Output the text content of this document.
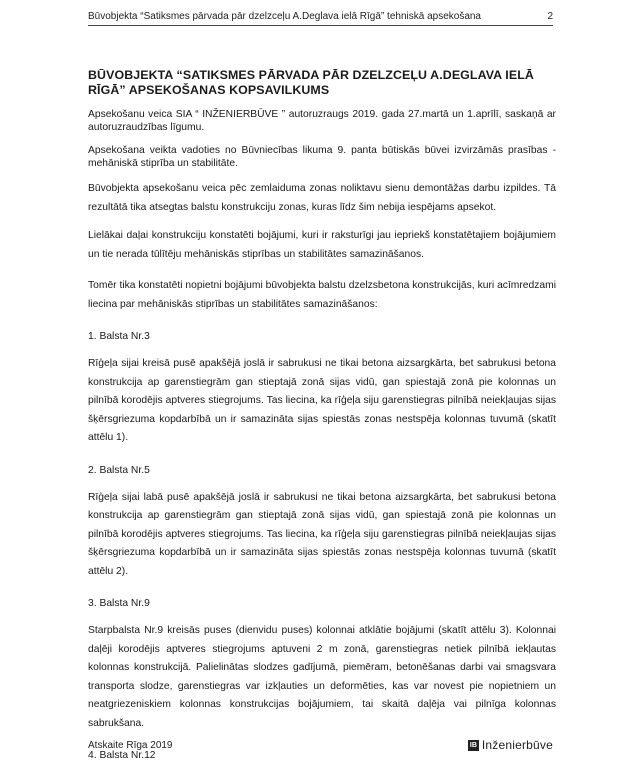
Būvobjekta “Satiksmes pārvada pār dzelzceļu A.Deglava ielā Rīgā” tehniskā apsekošana	2
BŪVOBJEKTA “SATIKSMES PĀRVADA PĀR DZELZCEĻU A.DEGLAVA IELĀ RĪGĀ” APSEKOŠANAS KOPSAVILKUMS

Apsekošanu veica SIA “ INŽENIERBŪVE ” autoruzraugs 2019. gada 27.martā un 1.aprīlī, saskaņā ar autoruzraudzības līgumu.

Apsekošana veikta vadoties no Būvniecības likuma 9. panta būtiskās būvei izvirzāmās prasības - mehāniskā stiprība un stabilitāte.

Būvobjekta apsekošanu veica pēc zemlaiduma zonas noliktavu sienu demontāžas darbu izpildes. Tā rezultātā tika atsegtas balstu konstrukciju zonas, kuras līdz šim nebija iespējams apsekot.

Lielākai daļai konstrukciju konstatēti bojājumi, kuri ir raksturīgi jau iepriekš konstatētajiem bojājumiem un tie nerada tūlītēju mehāniskās stiprības un stabilitātes samazināšanos.

Tomēr tika konstatēti nopietni bojājumi būvobjekta balstu dzelzsbetona konstrukcijās, kuri acīmredzami liecina par mehāniskās stiprības un stabilitātes samazināšanos:

1. Balsta Nr.3

Rīģeļa sijai kreisā pusē apakšējā joslā ir sabrukusi ne tikai betona aizsargkārta, bet sabrukusi betona konstrukcija ap garenstiegrām gan stieptajā zonā sijas vidū, gan spiestajā zonā pie kolonnas un pilnībā korodējis aptveres stiegrojums. Tas liecina, ka rīģeļa siju garenstiegras pilnībā neiekļaujas sijas šķērsgriezuma kopdarbībā un ir samazināta sijas spiestās zonas nestspēja kolonnas tuvumā (skatīt attēlu 1).

2. Balsta Nr.5

Rīģeļa sijai labā pusē apakšējā joslā ir sabrukusi ne tikai betona aizsargkārta, bet sabrukusi betona konstrukcija ap garenstiegrām gan stieptajā zonā sijas vidū, gan spiestajā zonā pie kolonnas un pilnībā korodējis aptveres stiegrojums. Tas liecina, ka rīģeļa siju garenstiegras pilnībā neiekļaujas sijas šķērsgriezuma kopdarbībā un ir samazināta sijas spiestās zonas nestspēja kolonnas tuvumā (skatīt attēlu 2).

3. Balsta Nr.9

Starpbalsta Nr.9 kreisās puses (dienvidu puses) kolonnai atklātie bojājumi (skatīt attēlu 3). Kolonnai daļēji korodējis aptveres stiegrojums aptuveni 2 m zonā, garenstiegras netiek pilnībā iekļautas kolonnas konstrukcijā. Palielinātas slodzes gadījumā, piemēram, betonēšanas darbi vai smagsvara transporta slodze, garenstiegras var izkļauties un deformēties, kas var novest pie nopietniem un neatgriezeniskiem kolonnas konstrukcijas bojājumiem, tai skaitā daļēja vai pilnīga kolonnas sabrukšana.

4. Balsta Nr.12
Atskaite Rīga 2019	IB Inženierbūve
